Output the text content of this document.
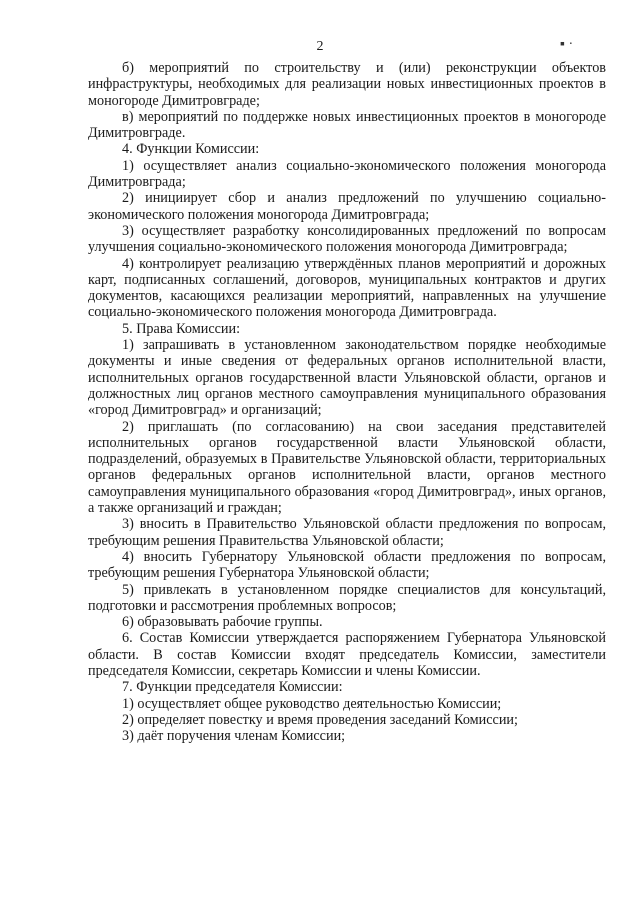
2	▪ ·

б) мероприятий по строительству и (или) реконструкции объектов инфраструктуры, необходимых для реализации новых инвестиционных проектов в моногороде Димитровграде;

в) мероприятий по поддержке новых инвестиционных проектов в моногороде Димитровграде.

4. Функции Комиссии:

1) осуществляет анализ социально-экономического положения моногорода Димитровграда;

2) инициирует сбор и анализ предложений по улучшению социально-экономического положения моногорода Димитровграда;

3) осуществляет разработку консолидированных предложений по вопросам улучшения социально-экономического положения моногорода Димитровграда;

4) контролирует реализацию утверждённых планов мероприятий и дорожных карт, подписанных соглашений, договоров, муниципальных контрактов и других документов, касающихся реализации мероприятий, направленных на улучшение социально-экономического положения моногорода Димитровграда.

5. Права Комиссии:

1) запрашивать в установленном законодательством порядке необходимые документы и иные сведения от федеральных органов исполнительной власти, исполнительных органов государственной власти Ульяновской области, органов и должностных лиц органов местного самоуправления муниципального образования «город Димитровград» и организаций;

2) приглашать (по согласованию) на свои заседания представителей исполнительных органов государственной власти Ульяновской области, подразделений, образуемых в Правительстве Ульяновской области, территориальных органов федеральных органов исполнительной власти, органов местного самоуправления муниципального образования «город Димитровград», иных органов, а также организаций и граждан;

3) вносить в Правительство Ульяновской области предложения по вопросам, требующим решения Правительства Ульяновской области;

4) вносить Губернатору Ульяновской области предложения по вопросам, требующим решения Губернатора Ульяновской области;

5) привлекать в установленном порядке специалистов для консультаций, подготовки и рассмотрения проблемных вопросов;

6) образовывать рабочие группы.

6. Состав Комиссии утверждается распоряжением Губернатора Ульяновской области. В состав Комиссии входят председатель Комиссии, заместители председателя Комиссии, секретарь Комиссии и члены Комиссии.

7. Функции председателя Комиссии:

1) осуществляет общее руководство деятельностью Комиссии;

2) определяет повестку и время проведения заседаний Комиссии;

3) даёт поручения членам Комиссии;
